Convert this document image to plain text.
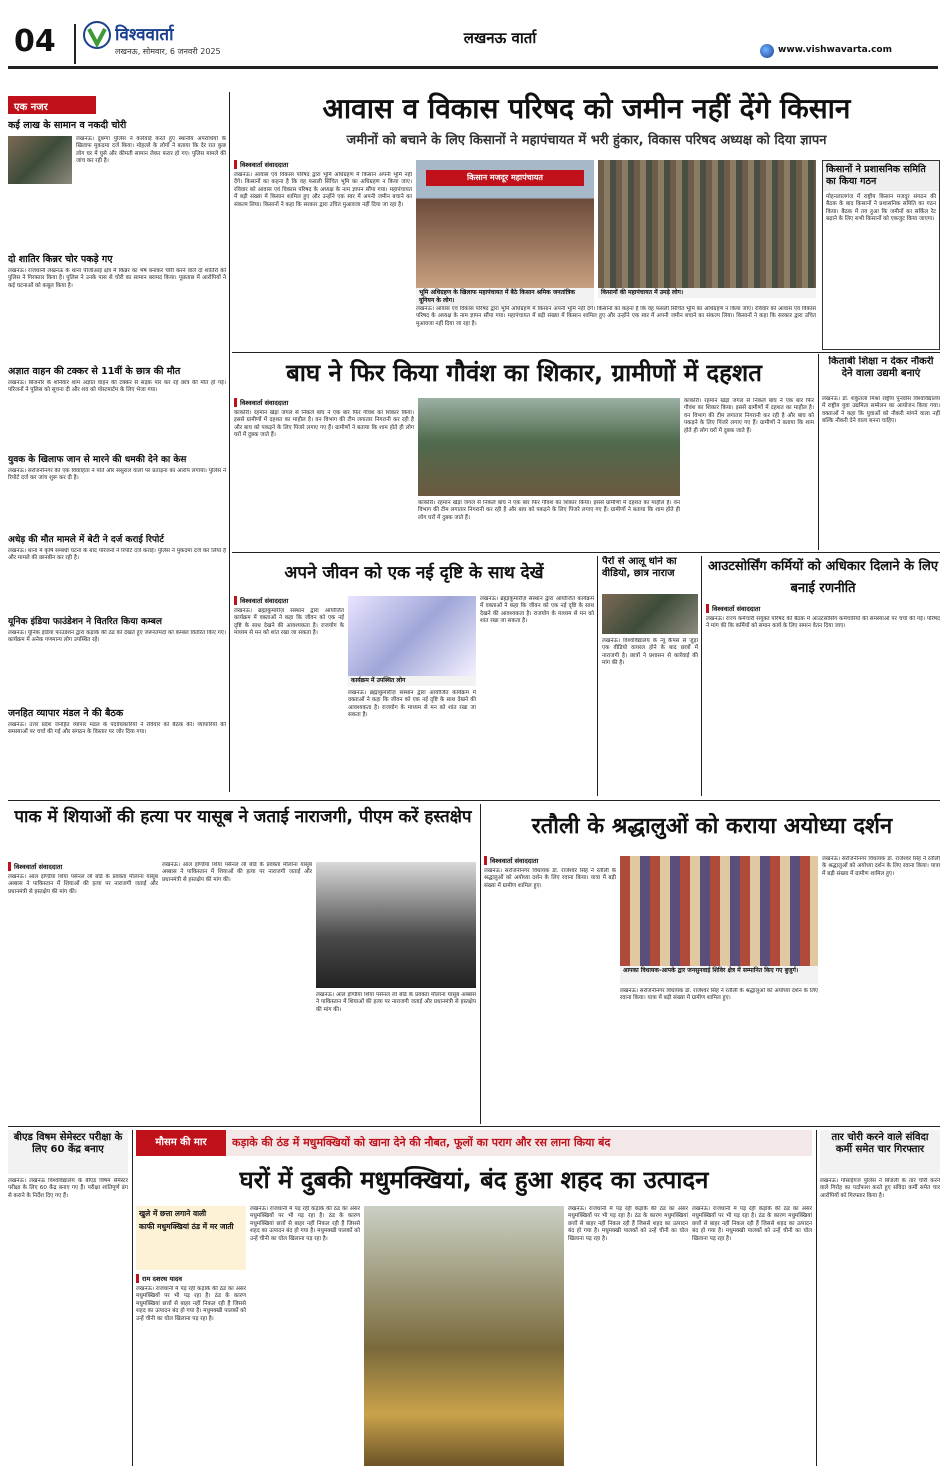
04	विश्ववार्ता
लखनऊ, सोमवार, 6 जनवरी 2025
लखनऊ वार्ता
www.vishwavarta.com
एक नजर
कई लाख के सामान व नकदी चोरी
लखनऊ। दुबग्गा पुलिस ने कार्रवाई करते हुए स्थानीय अपराधियों के खिलाफ मुकदमा दर्ज किया। मोहल्ले के लोगों ने बताया कि देर रात कुछ लोग घर में घुसे और कीमती सामान लेकर फरार हो गए। पुलिस मामले की जांच कर रही है।
दो शातिर किन्नर चोर पकड़े गए
लखनऊ। राजधानी लखनऊ के थाना पीजीआई क्षेत्र में किन्नर का भेष बनाकर चोरी करने वाले दो शातिरों को पुलिस ने गिरफ्तार किया है। पुलिस ने उनके पास से चोरी का सामान बरामद किया। पूछताछ में आरोपियों ने कई घटनाओं को कबूल किया है।
अज्ञात वाहन की टक्कर से 11वीं के छात्र की मौत
लखनऊ। बिजनौर के शनिवार शाम अज्ञात वाहन की टक्कर से सड़क पार कर रहे छात्र की मौत हो गई। परिजनों ने पुलिस को सूचना दी और शव को पोस्टमार्टम के लिए भेजा गया।
युवक के खिलाफ जान से मारने की धमकी देने का केस
लखनऊ। सरोजनीनगर की एक विवाहिता ने पति और ससुराल वालों पर प्रताड़ना का आरोप लगाया। पुलिस ने रिपोर्ट दर्ज कर जांच शुरू कर दी है।
अधेड़ की मौत मामले में बेटी ने दर्ज कराई रिपोर्ट
लखनऊ। थाना में कृषि सम्बंधी घटना के बाद परिजनों ने रिपोर्ट दर्ज कराई। पुलिस ने मुकदमा दर्ज कर लिया है और मामले की छानबीन कर रही है।
यूनिक इंडिया फाउंडेशन ने वितरित किया कम्बल
लखनऊ। यूनिक इंडिया फाउंडेशन द्वारा कड़ाके की ठंड को देखते हुए जरूरतमंदों को कम्बल वितरित किए गए। कार्यक्रम में अनेक गणमान्य लोग उपस्थित रहे।
जनहित व्यापार मंडल ने की बैठक
लखनऊ। उत्तर प्रदेश जनहित व्यापार मंडल के पदाधिकारियों ने रविवार को बैठक की। व्यापारियों की समस्याओं पर चर्चा की गई और संगठन के विस्तार पर जोर दिया गया।
आवास व विकास परिषद को जमीन नहीं देंगे किसान
जमीनों को बचाने के लिए किसानों ने महापंचायत में भरी हुंकार, विकास परिषद अध्यक्ष को दिया ज्ञापन
विश्ववार्ता संवाददाता
लखनऊ। आवास एवं विकास परिषद द्वारा भूमि अधिग्रहण में किसान अपनी भूमि नहीं देंगे। किसानों का कहना है कि वह फसली सिंचित भूमि का अधिग्रहण न किया जाए। रविवार को आवास एवं विकास परिषद के अध्यक्ष के नाम ज्ञापन सौंपा गया। महापंचायत में बड़ी संख्या में किसान शामिल हुए और उन्होंने एक स्वर में अपनी जमीन बचाने का संकल्प लिया। किसानों ने कहा कि सरकार द्वारा उचित मुआवजा नहीं दिया जा रहा है।
किसान मजदूर महापंचायत
भूमि अधिग्रहण के खिलाफ महापंचायत में बैठे किसान श्रमिक जनतांत्रिक यूनियन के लोग।
किसानों की महापंचायत में उमड़े लोग।
लखनऊ। आवास एवं विकास परिषद द्वारा भूमि अधिग्रहण में किसान अपनी भूमि नहीं देंगे। किसानों का कहना है कि वह फसली सिंचित भूमि का अधिग्रहण न किया जाए। रविवार को आवास एवं विकास परिषद के अध्यक्ष के नाम ज्ञापन सौंपा गया। महापंचायत में बड़ी संख्या में किसान शामिल हुए और उन्होंने एक स्वर में अपनी जमीन बचाने का संकल्प लिया। किसानों ने कहा कि सरकार द्वारा उचित मुआवजा नहीं दिया जा रहा है।
किसानों ने प्रशासनिक समिति का किया गठन
मोहनलालगंज में राष्ट्रीय किसान मजदूर संगठन की बैठक के बाद किसानों ने प्रशासनिक समिति का गठन किया। बैठक में तय हुआ कि जमीनों का सर्किल रेट बढ़ाने के लिए सभी किसानों को एकजुट किया जाएगा।
बाघ ने फिर किया गौवंश का शिकार, ग्रामीणों में दहशत
विश्ववार्ता संवाददाता
काकोरी। रहमान खेड़ा जंगल से निकले बाघ ने एक बार फिर गौवंश का शिकार किया। इससे ग्रामीणों में दहशत का माहौल है। वन विभाग की टीम लगातार निगरानी कर रही है और बाघ को पकड़ने के लिए पिंजरे लगाए गए हैं। ग्रामीणों ने बताया कि शाम होते ही लोग घरों में दुबक जाते हैं।
काकोरी। रहमान खेड़ा जंगल से निकले बाघ ने एक बार फिर गौवंश का शिकार किया। इससे ग्रामीणों में दहशत का माहौल है। वन विभाग की टीम लगातार निगरानी कर रही है और बाघ को पकड़ने के लिए पिंजरे लगाए गए हैं। ग्रामीणों ने बताया कि शाम होते ही लोग घरों में दुबक जाते हैं।
काकोरी। रहमान खेड़ा जंगल से निकले बाघ ने एक बार फिर गौवंश का शिकार किया। इससे ग्रामीणों में दहशत का माहौल है। वन विभाग की टीम लगातार निगरानी कर रही है और बाघ को पकड़ने के लिए पिंजरे लगाए गए हैं। ग्रामीणों ने बताया कि शाम होते ही लोग घरों में दुबक जाते हैं।
किताबी शिक्षा न देकर नौकरी देने वाला उद्यमी बनाएं
लखनऊ। डॉ. शकुंतला मिश्रा राष्ट्रीय पुनर्वास विश्वविद्यालय में राष्ट्रीय युवा उद्यमिता सम्मेलन का आयोजन किया गया। वक्ताओं ने कहा कि युवाओं को नौकरी मांगने वाला नहीं बल्कि नौकरी देने वाला बनना चाहिए।
अपने जीवन को एक नई दृष्टि के साथ देखें
विश्ववार्ता संवाददाता
लखनऊ। ब्रह्माकुमारीज़ संस्थान द्वारा आयोजित कार्यक्रम में वक्ताओं ने कहा कि जीवन को एक नई दृष्टि के साथ देखने की आवश्यकता है। राजयोग के माध्यम से मन को शांत रखा जा सकता है।
कार्यक्रम में उपस्थित लोग
लखनऊ। ब्रह्माकुमारीज़ संस्थान द्वारा आयोजित कार्यक्रम में वक्ताओं ने कहा कि जीवन को एक नई दृष्टि के साथ देखने की आवश्यकता है। राजयोग के माध्यम से मन को शांत रखा जा सकता है।
लखनऊ। ब्रह्माकुमारीज़ संस्थान द्वारा आयोजित कार्यक्रम में वक्ताओं ने कहा कि जीवन को एक नई दृष्टि के साथ देखने की आवश्यकता है। राजयोग के माध्यम से मन को शांत रखा जा सकता है।
पैरों से आलू धोने का वीडियो, छात्र नाराज
लखनऊ। विश्वविद्यालय के न्यू कैंपस से जुड़ा एक वीडियो वायरल होने के बाद छात्रों में नाराजगी है। छात्रों ने प्रशासन से कार्रवाई की मांग की है।
आउटसोर्सिंग कर्मियों को अधिकार दिलाने के लिए बनाई रणनीति
विश्ववार्ता संवाददाता
लखनऊ। राज्य कर्मचारी संयुक्त परिषद की बैठक में आउटसोर्सिंग कर्मचारियों की समस्याओं पर चर्चा की गई। परिषद ने मांग की कि कर्मियों को समान कार्य के लिए समान वेतन दिया जाए।
पाक में शियाओं की हत्या पर यासूब ने जताई नाराजगी, पीएम करें हस्तक्षेप
विश्ववार्ता संवाददाता
लखनऊ। आल इण्डिया शिया पर्सनल लॉ बोर्ड के प्रवक्ता मौलाना यासूब अब्बास ने पाकिस्तान में शियाओं की हत्या पर नाराजगी जताई और प्रधानमंत्री से हस्तक्षेप की मांग की।
लखनऊ। आल इण्डिया शिया पर्सनल लॉ बोर्ड के प्रवक्ता मौलाना यासूब अब्बास ने पाकिस्तान में शियाओं की हत्या पर नाराजगी जताई और प्रधानमंत्री से हस्तक्षेप की मांग की।
लखनऊ। आल इण्डिया शिया पर्सनल लॉ बोर्ड के प्रवक्ता मौलाना यासूब अब्बास ने पाकिस्तान में शियाओं की हत्या पर नाराजगी जताई और प्रधानमंत्री से हस्तक्षेप की मांग की।
रतौली के श्रद्धालुओं को कराया अयोध्या दर्शन
विश्ववार्ता संवाददाता
लखनऊ। सरोजनीनगर विधायक डॉ. राजेश्वर सिंह ने रतौली के श्रद्धालुओं को अयोध्या दर्शन के लिए रवाना किया। यात्रा में बड़ी संख्या में ग्रामीण शामिल हुए।
आपका विधायक-आपके द्वार जनसुनवाई शिविर क्षेत्र में सम्मानित किए गए बुजुर्ग।
लखनऊ। सरोजनीनगर विधायक डॉ. राजेश्वर सिंह ने रतौली के श्रद्धालुओं को अयोध्या दर्शन के लिए रवाना किया। यात्रा में बड़ी संख्या में ग्रामीण शामिल हुए।
लखनऊ। सरोजनीनगर विधायक डॉ. राजेश्वर सिंह ने रतौली के श्रद्धालुओं को अयोध्या दर्शन के लिए रवाना किया। यात्रा में बड़ी संख्या में ग्रामीण शामिल हुए।
बीएड विषम सेमेस्टर परीक्षा के लिए 60 केंद्र बनाए
लखनऊ। लखनऊ विश्वविद्यालय के बीएड विषम सेमेस्टर परीक्षा के लिए 60 केंद्र बनाए गए हैं। परीक्षा शांतिपूर्ण ढंग से कराने के निर्देश दिए गए हैं।
मौसम की मार	कड़ाके की ठंड में मधुमक्खियों को खाना देने की नौबत, फूलों का पराग और रस लाना किया बंद
घरों में दुबकी मधुमक्खियां, बंद हुआ शहद का उत्पादन
खुले में छत्ता लगाने वाली
काफी मधुमक्खियां ठंड में मर जाती
राम दशरथ यादव
लखनऊ। राजधानी में पड़ रही कड़ाके की ठंड का असर मधुमक्खियों पर भी पड़ रहा है। ठंड के कारण मधुमक्खियां छत्तों से बाहर नहीं निकल रही हैं जिससे शहद का उत्पादन बंद हो गया है। मधुमक्खी पालकों को उन्हें चीनी का घोल खिलाना पड़ रहा है।
लखनऊ। राजधानी में पड़ रही कड़ाके की ठंड का असर मधुमक्खियों पर भी पड़ रहा है। ठंड के कारण मधुमक्खियां छत्तों से बाहर नहीं निकल रही हैं जिससे शहद का उत्पादन बंद हो गया है। मधुमक्खी पालकों को उन्हें चीनी का घोल खिलाना पड़ रहा है।
लखनऊ। राजधानी में पड़ रही कड़ाके की ठंड का असर मधुमक्खियों पर भी पड़ रहा है। ठंड के कारण मधुमक्खियां छत्तों से बाहर नहीं निकल रही हैं जिससे शहद का उत्पादन बंद हो गया है। मधुमक्खी पालकों को उन्हें चीनी का घोल खिलाना पड़ रहा है।
लखनऊ। राजधानी में पड़ रही कड़ाके की ठंड का असर मधुमक्खियों पर भी पड़ रहा है। ठंड के कारण मधुमक्खियां छत्तों से बाहर नहीं निकल रही हैं जिससे शहद का उत्पादन बंद हो गया है। मधुमक्खी पालकों को उन्हें चीनी का घोल खिलाना पड़ रहा है।
तार चोरी करने वाले संविदा कर्मी समेत चार गिरफ्तार
लखनऊ। गोसाईगंज पुलिस ने बिजली के तार चोरी करने वाले गिरोह का पर्दाफाश करते हुए संविदा कर्मी समेत चार आरोपियों को गिरफ्तार किया है।
